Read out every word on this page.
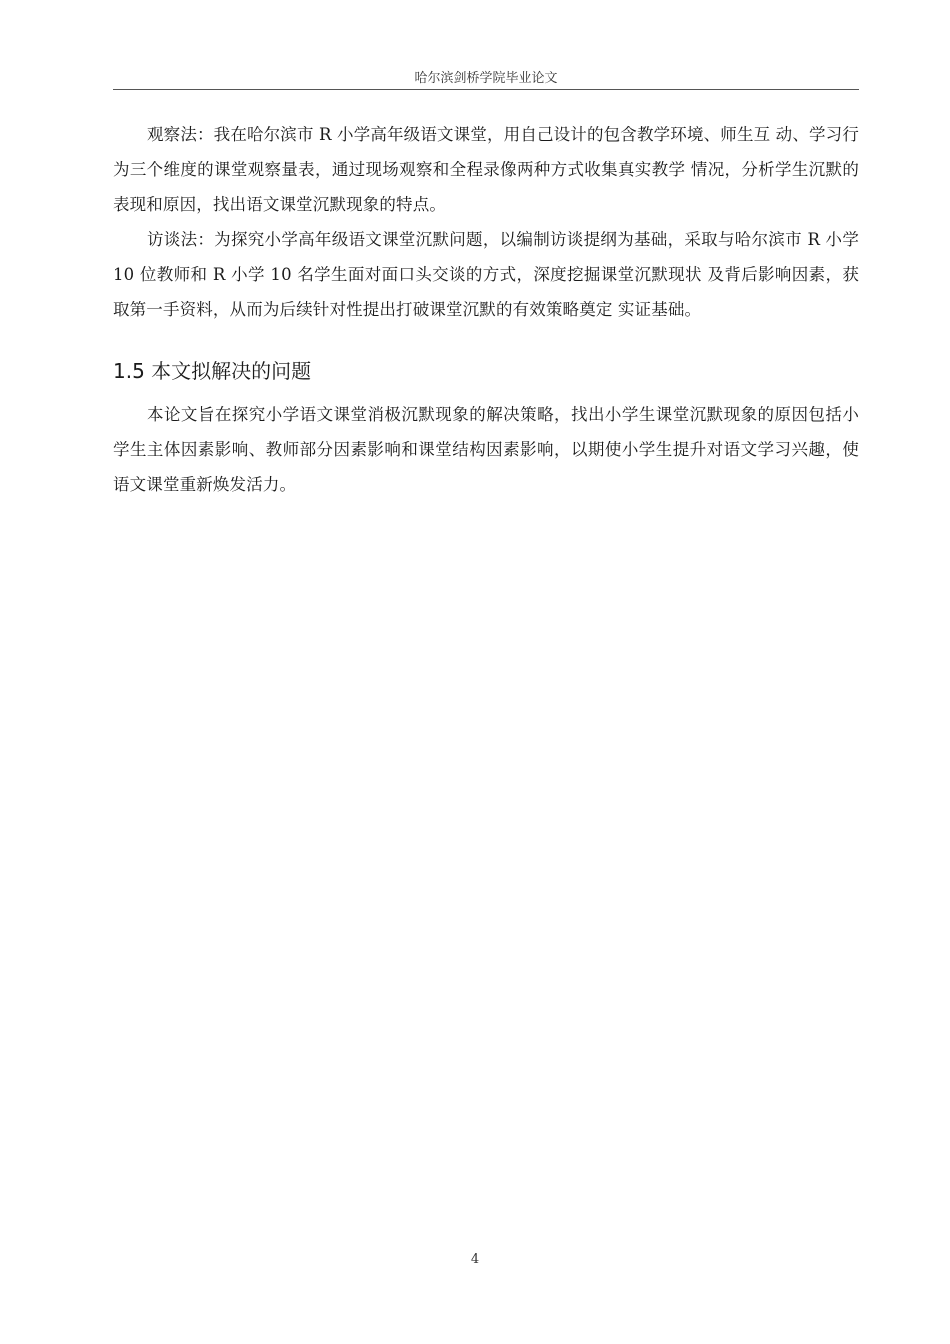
哈尔滨剑桥学院毕业论文

观察法：我在哈尔滨市 R 小学高年级语文课堂，用自己设计的包含教学环境、师生互 动、学习行为三个维度的课堂观察量表，通过现场观察和全程录像两种方式收集真实教学 情况，分析学生沉默的表现和原因，找出语文课堂沉默现象的特点。

访谈法：为探究小学高年级语文课堂沉默问题，以编制访谈提纲为基础，采取与哈尔滨市 R 小学 10 位教师和 R 小学 10 名学生面对面口头交谈的方式，深度挖掘课堂沉默现状 及背后影响因素，获取第一手资料，从而为后续针对性提出打破课堂沉默的有效策略奠定 实证基础。

1.5 本文拟解决的问题

本论文旨在探究小学语文课堂消极沉默现象的解决策略，找出小学生课堂沉默现象的原因包括小学生主体因素影响、教师部分因素影响和课堂结构因素影响，以期使小学生提升对语文学习兴趣，使语文课堂重新焕发活力。

4
